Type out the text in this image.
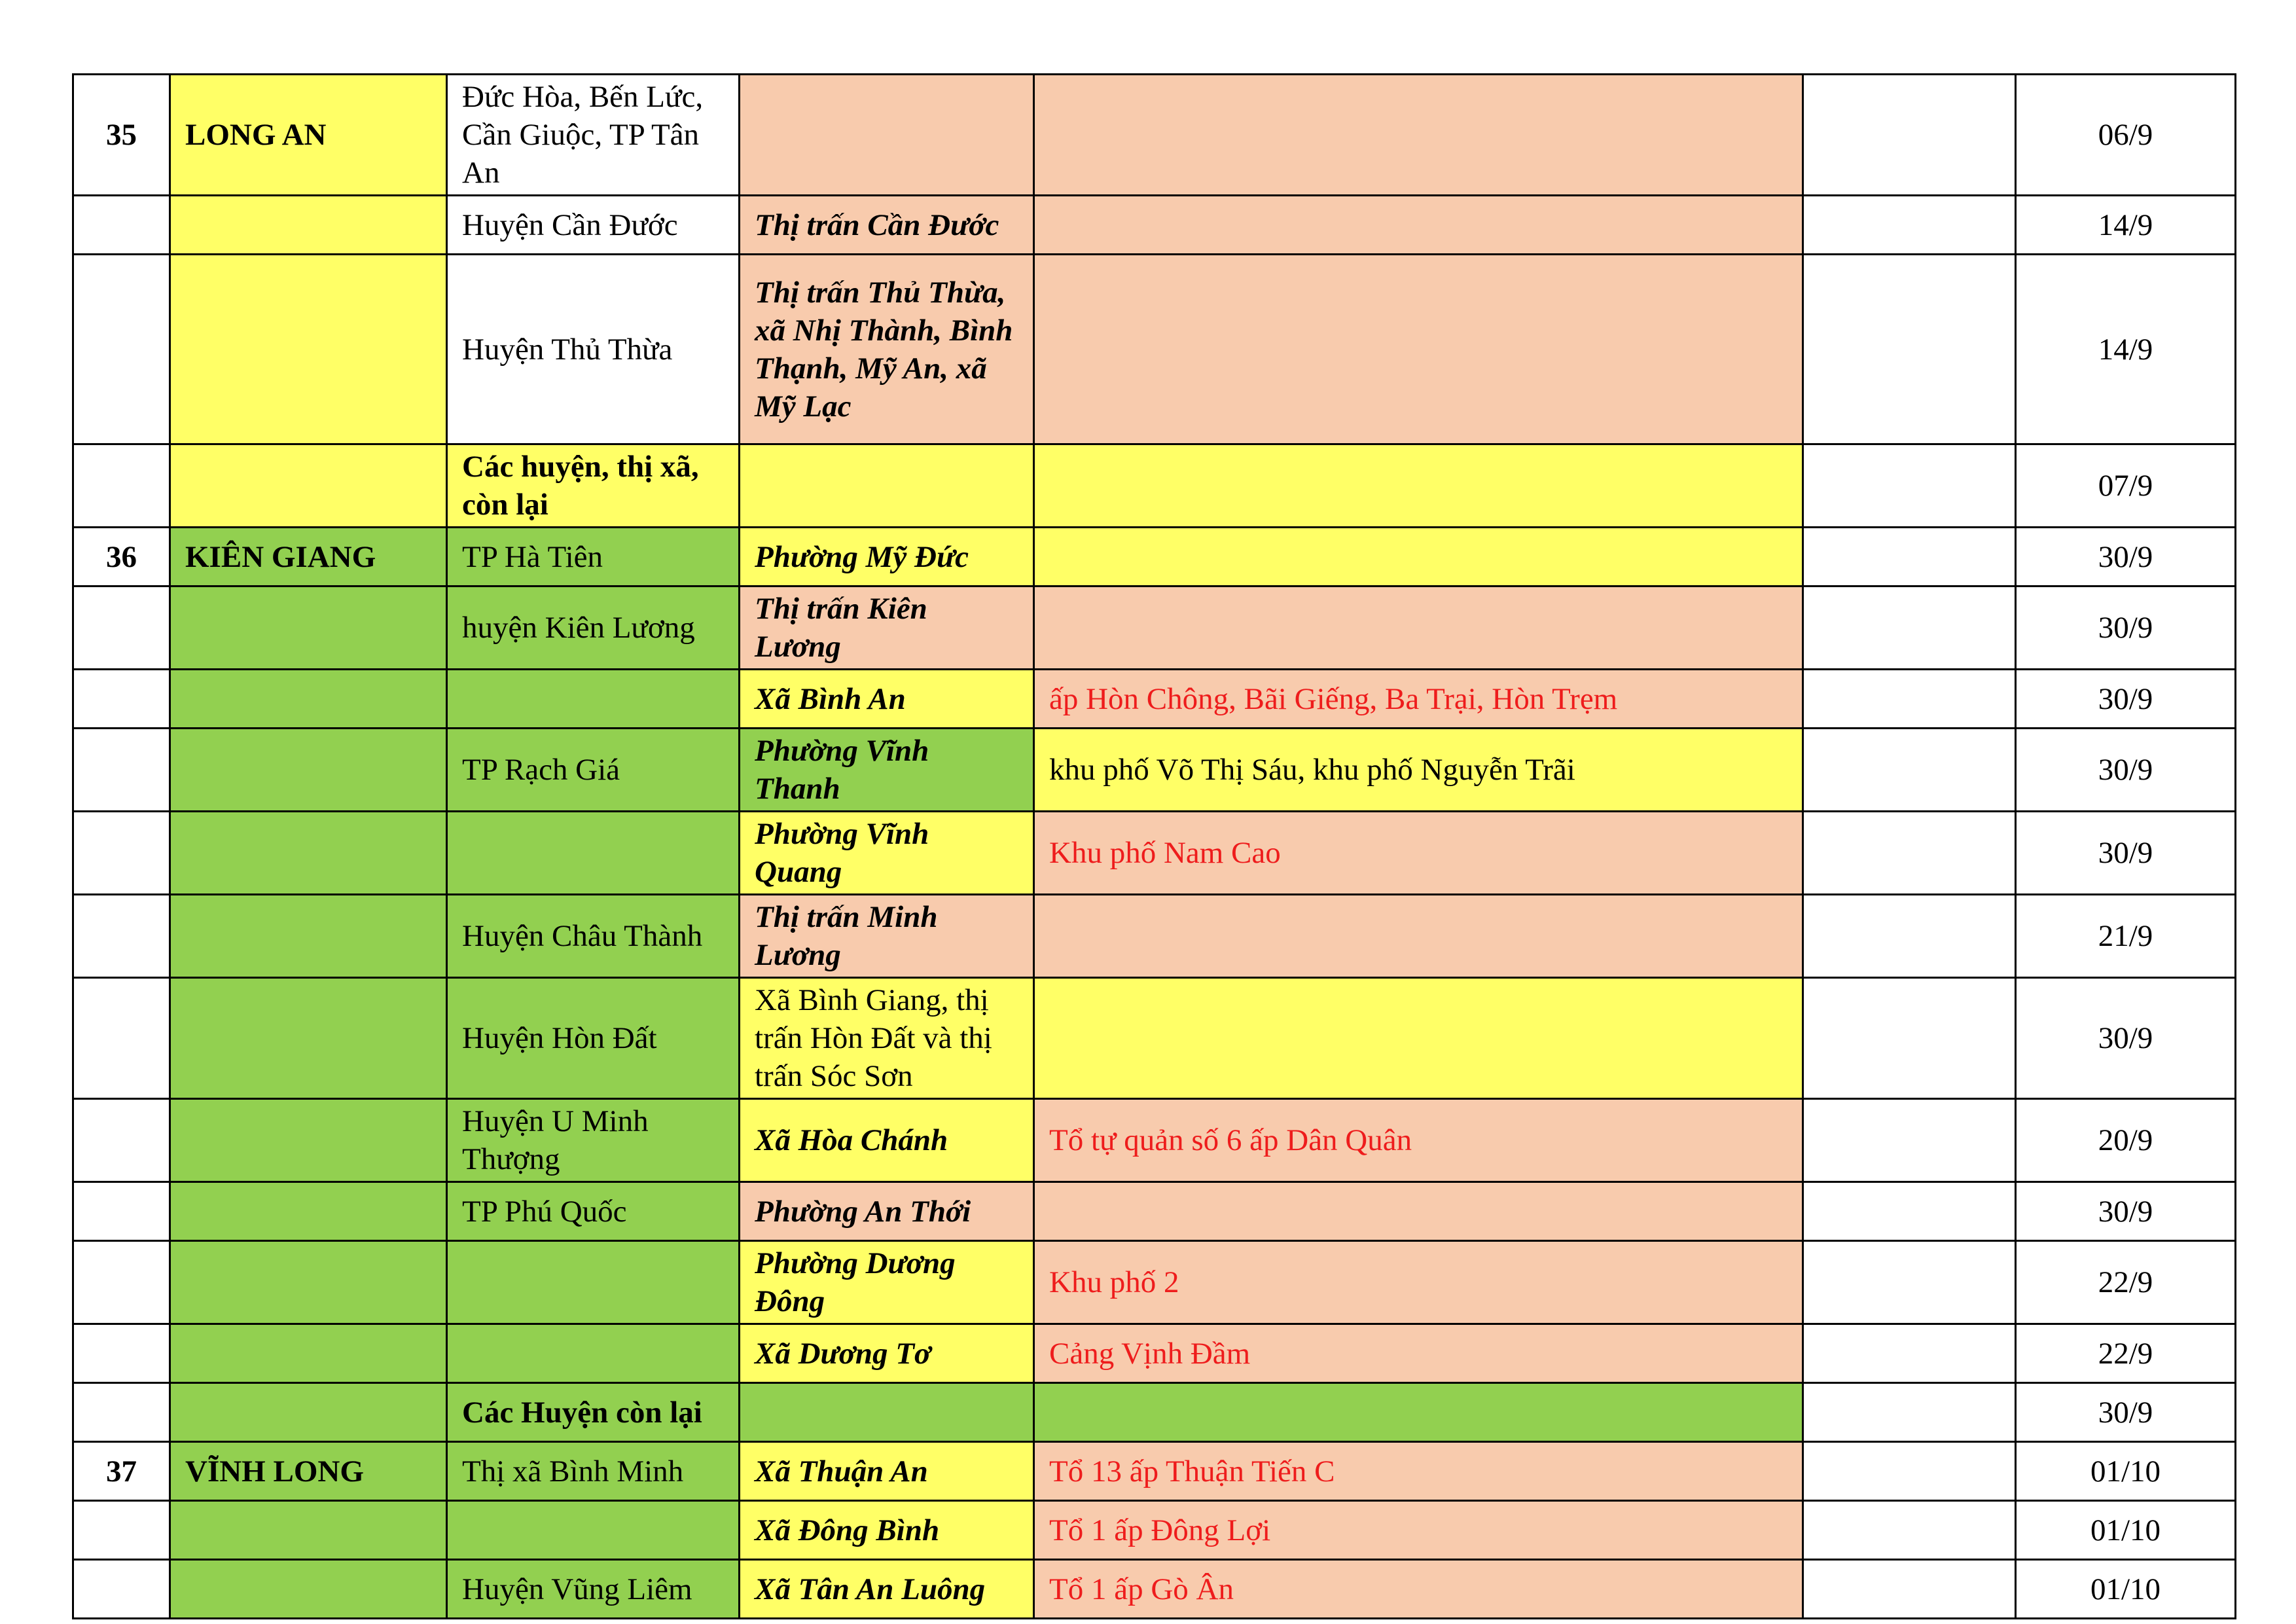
35	LONG AN	Đức Hòa, Bến Lức, Cần Giuộc, TP Tân An				06/9
		Huyện Cần Đước	Thị trấn Cần Đước			14/9
		Huyện Thủ Thừa	Thị trấn Thủ Thừa, xã Nhị Thành, Bình Thạnh, Mỹ An, xã Mỹ Lạc			14/9
		Các huyện, thị xã, còn lại				07/9
36	KIÊN GIANG	TP Hà Tiên	Phường Mỹ Đức			30/9
		huyện Kiên Lương	Thị trấn Kiên Lương			30/9
			Xã Bình An	ấp Hòn Chông, Bãi Giếng, Ba Trại, Hòn Trẹm		30/9
		TP Rạch Giá	Phường Vĩnh Thanh	khu phố Võ Thị Sáu, khu phố Nguyễn Trãi		30/9
			Phường Vĩnh Quang	Khu phố Nam Cao		30/9
		Huyện Châu Thành	Thị trấn Minh Lương			21/9
		Huyện Hòn Đất	Xã Bình Giang, thị trấn Hòn Đất và thị trấn Sóc Sơn			30/9
		Huyện U Minh Thượng	Xã Hòa Chánh	Tổ tự quản số 6 ấp Dân Quân		20/9
		TP Phú Quốc	Phường An Thới			30/9
			Phường Dương Đông	Khu phố 2		22/9
			Xã Dương Tơ	Cảng Vịnh Đầm		22/9
		Các Huyện còn lại				30/9
37	VĨNH LONG	Thị xã Bình Minh	Xã Thuận An	Tổ 13 ấp Thuận Tiến C		01/10
			Xã Đông Bình	Tổ 1 ấp Đông Lợi		01/10
		Huyện Vũng Liêm	Xã Tân An Luông	Tổ 1 ấp Gò Ân		01/10
